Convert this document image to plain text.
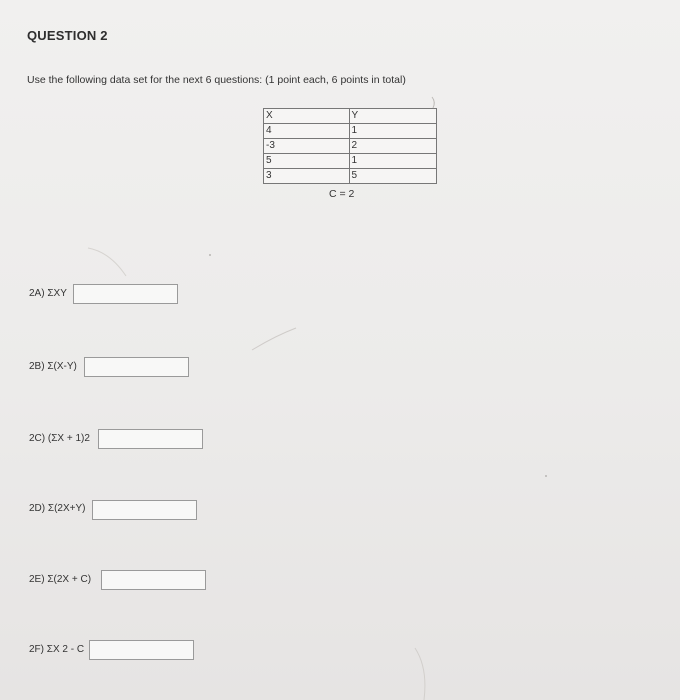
QUESTION 2
Use the following data set for the next 6 questions: (1 point each, 6 points in total)
X	Y
4	1
-3	2
5	1
3	5
C = 2
2A) ΣXY
2B) Σ(X-Y)
2C) (ΣX + 1)2
2D) Σ(2X+Y)
2E) Σ(2X + C)
2F) ΣX 2 - C
